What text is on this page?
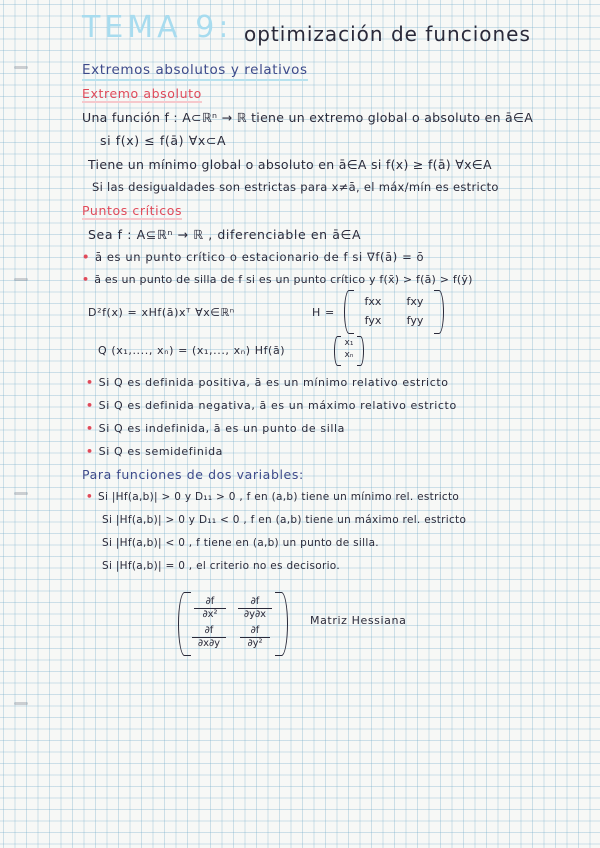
TEMA 9: optimización de funciones
Extremos absolutos y relativos
Extremo absoluto
Una función f : A⊂ℝⁿ → ℝ tiene un extremo global o absoluto en ā∈A
si f(x) ≤ f(ā) ∀x⊂A
Tiene un mínimo global o absoluto en ā∈A si f(x) ≥ f(ā) ∀x∈A
Si las desigualdades son estrictas para x≠ā, el máx/mín es estricto
Puntos críticos
Sea f : A⊆ℝⁿ → ℝ , diferenciable en ā∈A
• ā es un punto crítico o estacionario de f si ∇f(ā) = ō
• ā es un punto de silla de f si es un punto crítico y f(x̄) > f(ā) > f(ȳ)
D²f(x) = xHf(ā)xᵀ ∀x∈ℝⁿ	H =
fxx	fxy
fyx	fyy
Q (x₁,...., xₙ) = (x₁,..., xₙ) Hf(ā)
x₁
xₙ
• Si Q es definida positiva, ā es un mínimo relativo estricto
• Si Q es definida negativa, ā es un máximo relativo estricto
• Si Q es indefinida, ā es un punto de silla
• Si Q es semidefinida
Para funciones de dos variables:
• Si |Hf(a,b)| > 0 y D₁₁ > 0 , f en (a,b) tiene un mínimo rel. estricto
Si |Hf(a,b)| > 0 y D₁₁ < 0 , f en (a,b) tiene un máximo rel. estricto
Si |Hf(a,b)| < 0 , f tiene en (a,b) un punto de silla.
Si |Hf(a,b)| = 0 , el criterio no es decisorio.
$\frac{\partial f}{\text{∂x²}} \frac{\partial f}{\partial y\partial x}$
$\frac{\partial f}{\partial x\partial y} \frac{\partial f}{\text{∂y²}}$
Matriz Hessiana
